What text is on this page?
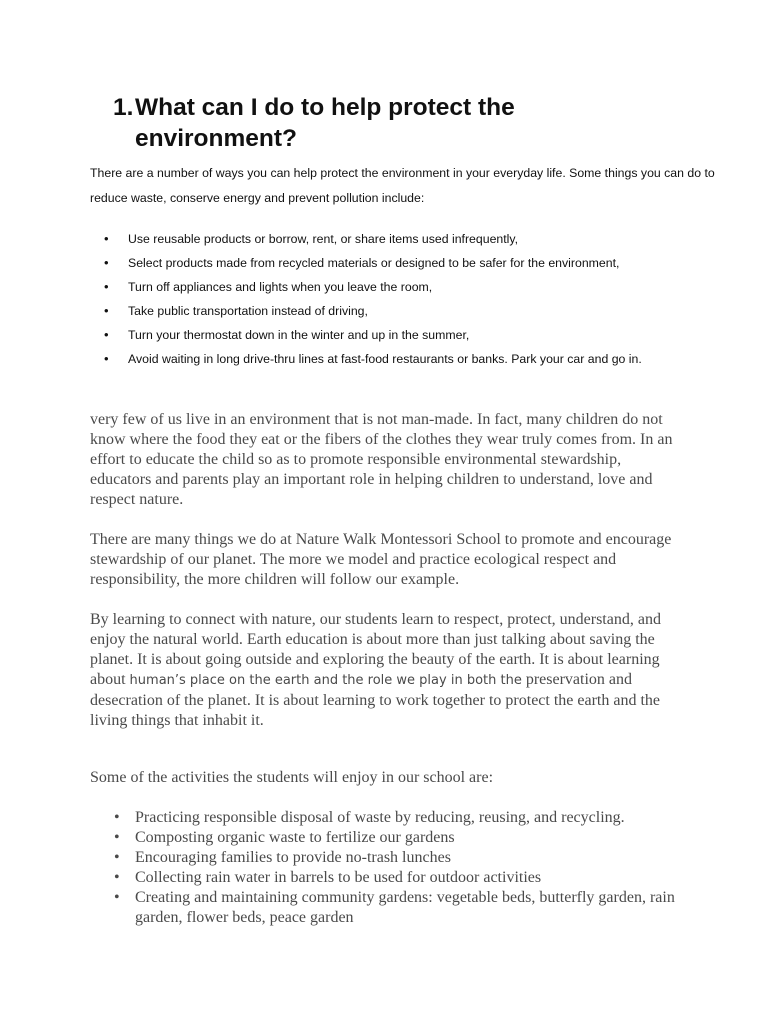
1.What can I do to help protect the
environment?

There are a number of ways you can help protect the environment in your everyday life. Some things you can do to reduce waste, conserve energy and prevent pollution include:

• Use reusable products or borrow, rent, or share items used infrequently,
• Select products made from recycled materials or designed to be safer for the environment,
• Turn off appliances and lights when you leave the room,
• Take public transportation instead of driving,
• Turn your thermostat down in the winter and up in the summer,
• Avoid waiting in long drive-thru lines at fast-food restaurants or banks. Park your car and go in.

very few of us live in an environment that is not man-made. In fact, many children do not know where the food they eat or the fibers of the clothes they wear truly comes from. In an effort to educate the child so as to promote responsible environmental stewardship, educators and parents play an important role in helping children to understand, love and respect nature.

There are many things we do at Nature Walk Montessori School to promote and encourage stewardship of our planet. The more we model and practice ecological respect and responsibility, the more children will follow our example.

By learning to connect with nature, our students learn to respect, protect, understand, and enjoy the natural world. Earth education is about more than just talking about saving the planet. It is about going outside and exploring the beauty of the earth. It is about learning about human’s place on the earth and the role we play in both the preservation and desecration of the planet. It is about learning to work together to protect the earth and the living things that inhabit it.

Some of the activities the students will enjoy in our school are:

• Practicing responsible disposal of waste by reducing, reusing, and recycling.
• Composting organic waste to fertilize our gardens
• Encouraging families to provide no-trash lunches
• Collecting rain water in barrels to be used for outdoor activities
• Creating and maintaining community gardens: vegetable beds, butterfly garden, rain garden, flower beds, peace garden
